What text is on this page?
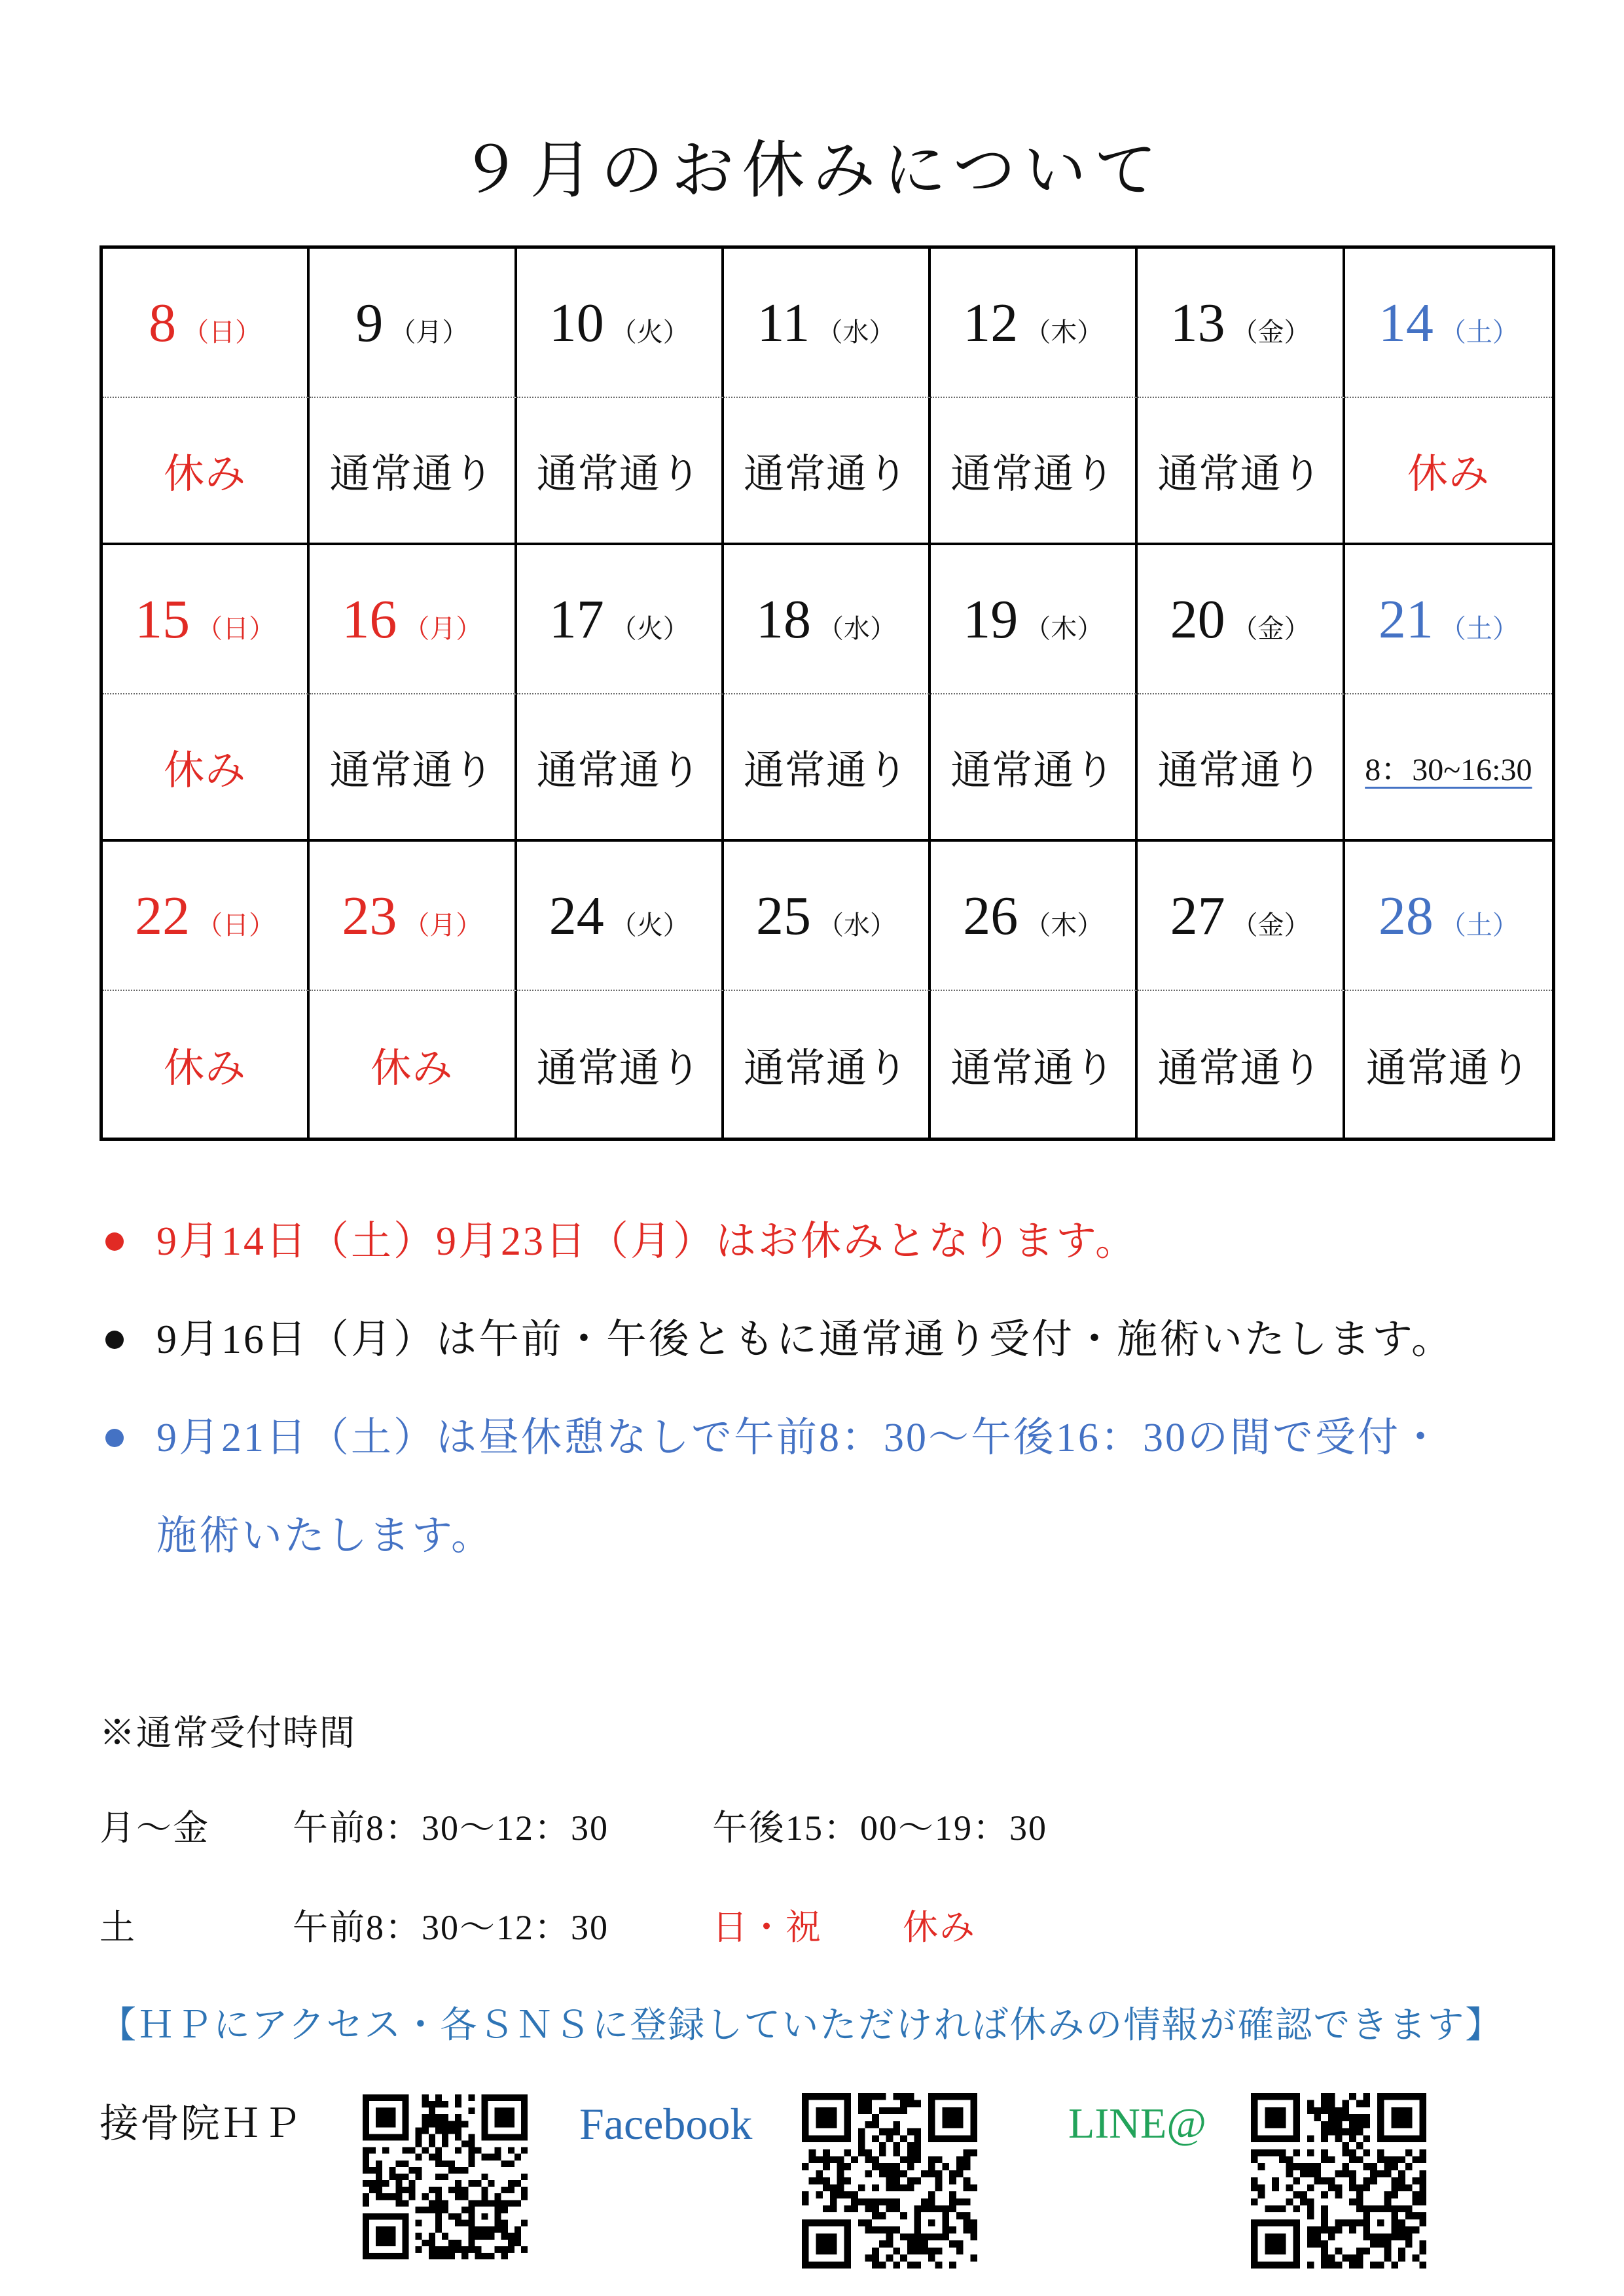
９月のお休みについて
8 （日） 9 （月） 10 （火） 11 （水） 12 （木） 13 （金） 14 （土）
休み 通常通り 通常通り 通常通り 通常通り 通常通り 休み
15 （日） 16 （月） 17 （火） 18 （水） 19 （木） 20 （金） 21 （土）
休み 通常通り 通常通り 通常通り 通常通り 通常通り 8：30~16:30
22 （日） 23 （月） 24 （火） 25 （水） 26 （木） 27 （金） 28 （土）
休み	休み 通常通り 通常通り 通常通り 通常通り 通常通り
9月14日（土）9月23日（月）はお休みとなります。
9月16日（月）は午前・午後ともに通常通り受付・施術いたします。
9月21日（土）は昼休憩なしで午前8：30～午後16：30の間で受付・
施術いたします。
※通常受付時間
月～金 午前8：30～12：30	午後15：00～19：30
土	午前8：30～12：30	日・祝 休み
【ＨＰにアクセス・各ＳＮＳに登録していただければ休みの情報が確認できます】
接骨院ＨＰ	Facebook	LINE@
